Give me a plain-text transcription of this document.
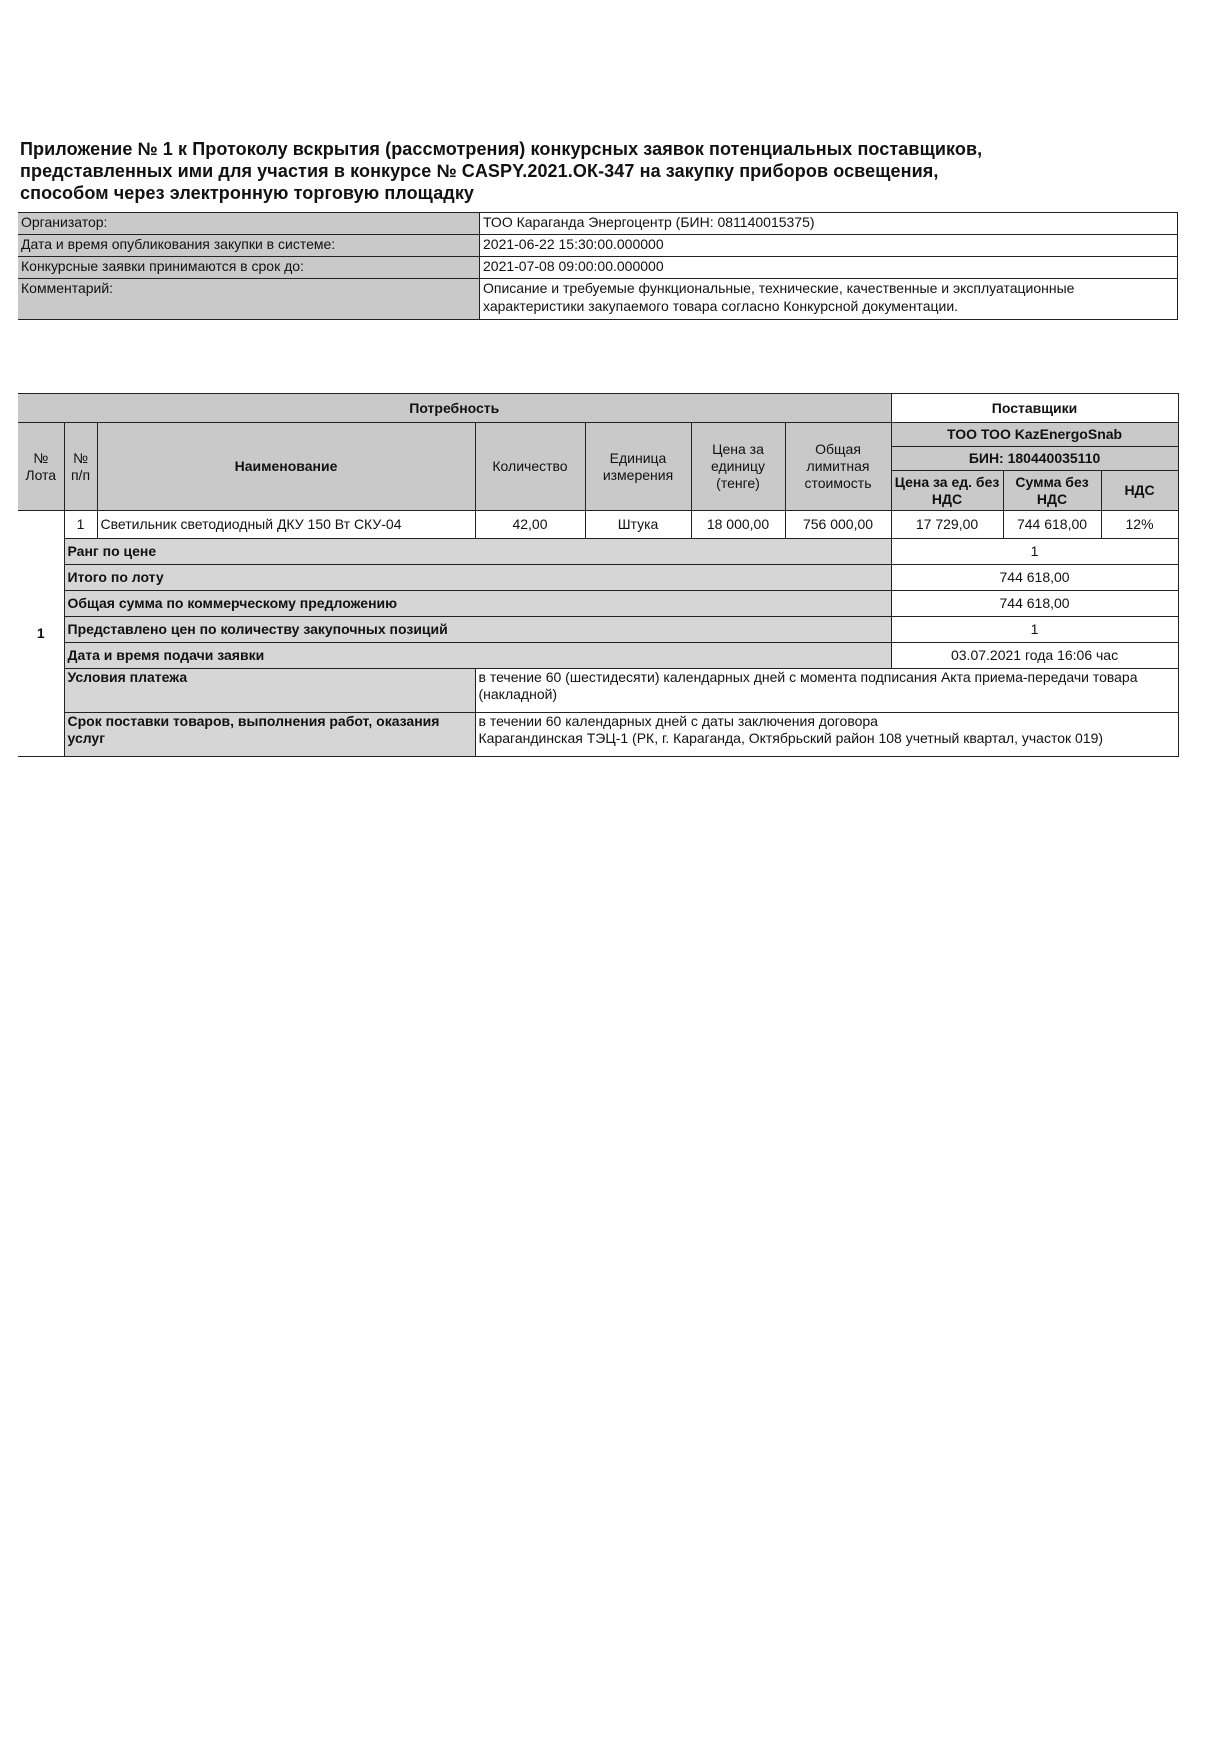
Приложение № 1 к Протоколу вскрытия (рассмотрения) конкурсных заявок потенциальных поставщиков,
представленных ими для участия в конкурсе № CASPY.2021.ОК-347 на закупку приборов освещения,
способом через электронную торговую площадку
Организатор:	ТОО Караганда Энергоцентр (БИН: 081140015375)
Дата и время опубликования закупки в системе:	2021-06-22 15:30:00.000000
Конкурсные заявки принимаются в срок до:	2021-07-08 09:00:00.000000
Комментарий:	Описание и требуемые функциональные, технические, качественные и эксплуатационные характеристики закупаемого товара согласно Конкурсной документации.
Потребность							Поставщики		
№ Лота	№ п/п	Наименование	Количество	Единица измерения	Цена за единицу (тенге)	Общая лимитная стоимость	ТОО ТОО KazEnergoSnab		
							БИН: 180440035110		
							Цена за ед. без НДС	Сумма без НДС	НДС
1	1	Светильник светодиодный ДКУ 150 Вт СКУ-04	42,00	Штука	18 000,00	756 000,00	17 729,00	744 618,00	12%
	Ранг по цене						1		
	Итого по лоту						744 618,00		
	Общая сумма по коммерческому предложению						744 618,00		
	Представлено цен по количеству закупочных позиций						1		
	Дата и время подачи заявки						03.07.2021 года 16:06 час		
	Условия платежа		в течение 60 (шестидесяти) календарных дней с момента подписания Акта приема-передачи товара (накладной)						
	Срок поставки товаров, выполнения работ, оказания услуг		в течении 60 календарных дней с даты заключения договора
Карагандинская ТЭЦ-1 (РК, г. Караганда, Октябрьский район 108 учетный квартал, участок 019)						
